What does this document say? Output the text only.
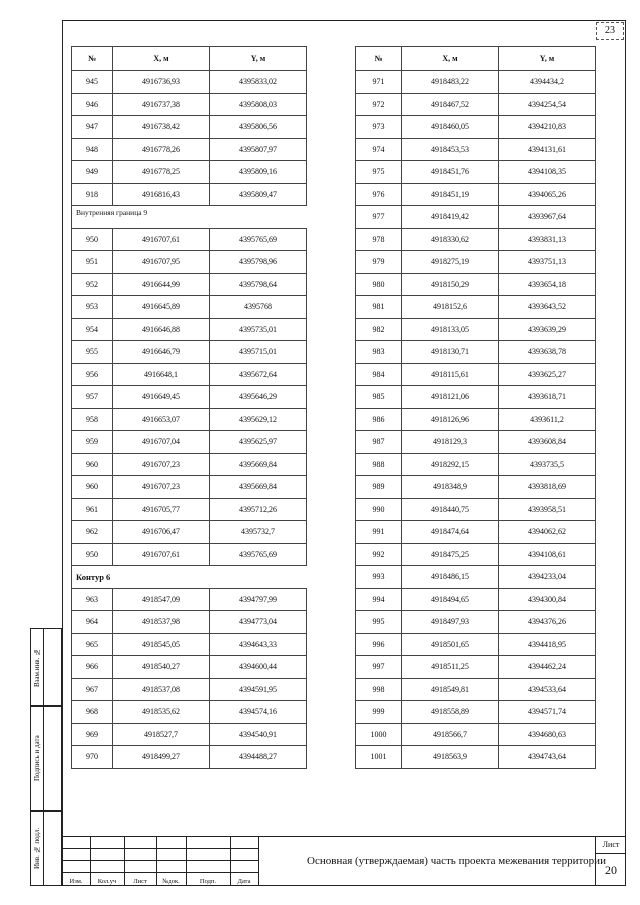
23
№	X, м	Y, м
945	4916736,93	4395833,02
946	4916737,38	4395808,03
947	4916738,42	4395806,56
948	4916778,26	4395807,97
949	4916778,25	4395809,16
918	4916816,43	4395809,47
Внутренняя граница 9		
950	4916707,61	4395765,69
951	4916707,95	4395798,96
952	4916644,99	4395798,64
953	4916645,89	4395768
954	4916646,88	4395735,01
955	4916646,79	4395715,01
956	4916648,1	4395672,64
957	4916649,45	4395646,29
958	4916653,07	4395629,12
959	4916707,04	4395625,97
960	4916707,23	4395669,84
960	4916707,23	4395669,84
961	4916705,77	4395712,26
962	4916706,47	4395732,7
950	4916707,61	4395765,69
Контур 6		
963	4918547,09	4394797,99
964	4918537,98	4394773,04
965	4918545,05	4394643,33
966	4918540,27	4394600,44
967	4918537,08	4394591,95
968	4918535,62	4394574,16
969	4918527,7	4394540,91
970	4918499,27	4394488,27
№	X, м	Y, м
971	4918483,22	4394434,2
972	4918467,52	4394254,54
973	4918460,05	4394210,83
974	4918453,53	4394131,61
975	4918451,76	4394108,35
976	4918451,19	4394065,26
977	4918419,42	4393967,64
978	4918330,62	4393831,13
979	4918275,19	4393751,13
980	4918150,29	4393654,18
981	4918152,6	4393643,52
982	4918133,05	4393639,29
983	4918130,71	4393638,78
984	4918115,61	4393625,27
985	4918121,06	4393618,71
986	4918126,96	4393611,2
987	4918129,3	4393608,84
988	4918292,15	4393735,5
989	4918348,9	4393818,69
990	4918440,75	4393958,51
991	4918474,64	4394062,62
992	4918475,25	4394108,61
993	4918486,15	4394233,04
994	4918494,65	4394300,84
995	4918497,93	4394376,26
996	4918501,65	4394418,95
997	4918511,25	4394462,24
998	4918549,81	4394533,64
999	4918558,89	4394571,74
1000	4918566,7	4394680,63
1001	4918563,9	4394743,64
Взам.инв. №
Подпись и дата
Инв. № подл.
Изм.	Кол.уч	Лист	№док.	Подп.	Дата
Основная (утверждаемая) часть проекта межевания территории
Лист
20
